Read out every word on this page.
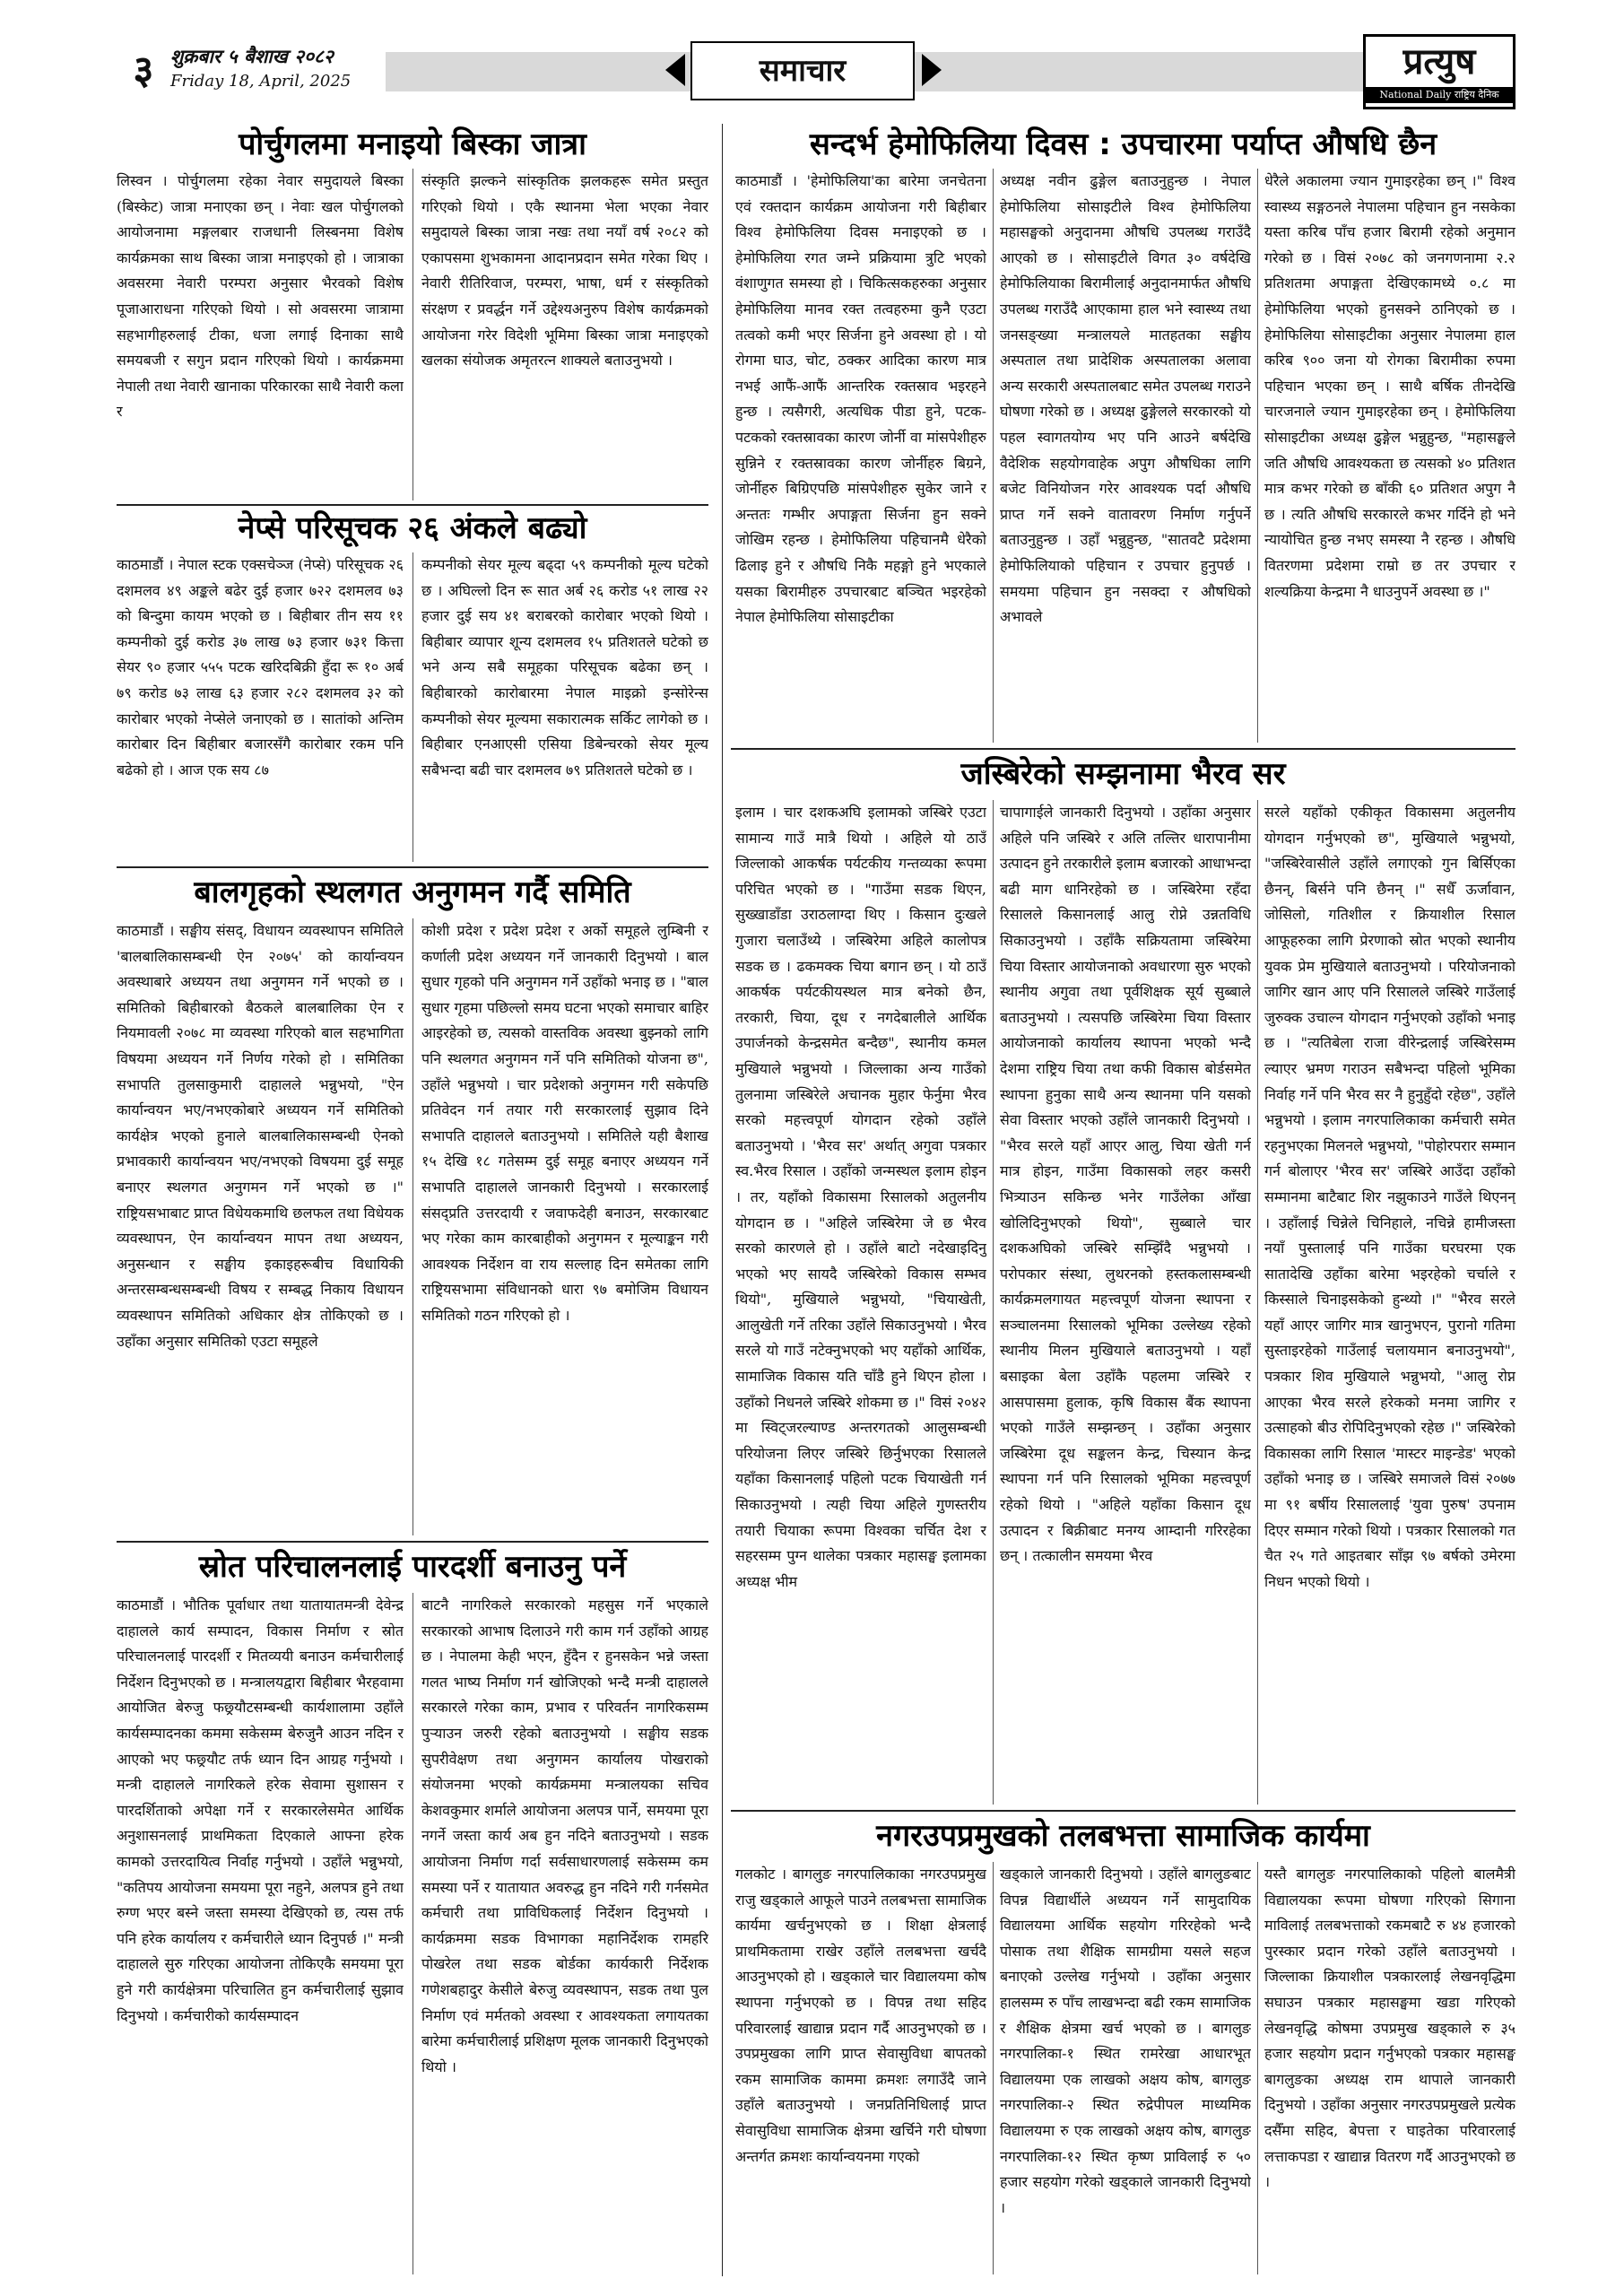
३ शुक्रबार ५ बैशाख २०८२
Friday 18, April, 2025	समाचार	प्रत्युष
National Daily राष्ट्रिय दैनिक
पोर्चुगलमा मनाइयो बिस्का जात्रा
लिस्वन । पोर्चुगलमा रहेका नेवार समुदायले बिस्का (बिस्केट) जात्रा मनाएका छन् । नेवाः खल पोर्चुगलको आयोजनामा मङ्गलबार राजधानी लिस्बनमा विशेष कार्यक्रमका साथ बिस्का जात्रा मनाइएको हो । जात्राका अवसरमा नेवारी परम्परा अनुसार भैरवको विशेष पूजाआराधना गरिएको थियो । सो अवसरमा जात्रामा सहभागीहरुलाई टीका, धजा लगाई दिनाका साथै समयबजी र सगुन प्रदान गरिएको थियो । कार्यक्रममा नेपाली तथा नेवारी खानाका परिकारका साथै नेवारी कला र
संस्कृति झल्कने सांस्कृतिक झलकहरू समेत प्रस्तुत गरिएको थियो । एकै स्थानमा भेला भएका नेवार समुदायले बिस्का जात्रा नखः तथा नयाँ वर्ष २०८२ को एकापसमा शुभकामना आदानप्रदान समेत गरेका थिए । नेवारी रीतिरिवाज, परम्परा, भाषा, धर्म र संस्कृतिको संरक्षण र प्रवर्द्धन गर्ने उद्देश्यअनुरुप विशेष कार्यक्रमको आयोजना गरेर विदेशी भूमिमा बिस्का जात्रा मनाइएको खलका संयोजक अमृतरत्न शाक्यले बताउनुभयो ।
नेप्से परिसूचक २६ अंकले बढ्यो
काठमाडौं । नेपाल स्टक एक्सचेञ्ज (नेप्से) परिसूचक २६ दशमलव ४९ अङ्कले बढेर दुई हजार ७२२ दशमलव ७३ को बिन्दुमा कायम भएको छ । बिहीबार तीन सय ११ कम्पनीको दुई करोड ३७ लाख ७३ हजार ७३१ कित्ता सेयर ९० हजार ५५५ पटक खरिदबिक्री हुँदा रू १० अर्ब ७९ करोड ७३ लाख ६३ हजार २८२ दशमलव ३२ को कारोबार भएको नेप्सेले जनाएको छ । सातांको अन्तिम कारोबार दिन बिहीबार बजारसँगै कारोबार रकम पनि बढेको हो । आज एक सय ८७
कम्पनीको सेयर मूल्य बढ्दा ५९ कम्पनीको मूल्य घटेको छ । अघिल्लो दिन रू सात अर्ब २६ करोड ५१ लाख २२ हजार दुई सय ४१ बराबरको कारोबार भएको थियो । बिहीबार व्यापार शून्य दशमलव १५ प्रतिशतले घटेको छ भने अन्य सबै समूहका परिसूचक बढेका छन् । बिहीबारको कारोबारमा नेपाल माइक्रो इन्सोरेन्स कम्पनीको सेयर मूल्यमा सकारात्मक सर्किट लागेको छ । बिहीबार एनआएसी एसिया डिबेन्चरको सेयर मूल्य सबैभन्दा बढी चार दशमलव ७९ प्रतिशतले घटेको छ ।
बालगृहको स्थलगत अनुगमन गर्दै समिति
काठमाडौं । सङ्घीय संसद्, विधायन व्यवस्थापन समितिले 'बालबालिकासम्बन्धी ऐन २०७५' को कार्यान्वयन अवस्थाबारे अध्ययन तथा अनुगमन गर्ने भएको छ । समितिको बिहीबारको बैठकले बालबालिका ऐन र नियमावली २०७८ मा व्यवस्था गरिएको बाल सहभागिता विषयमा अध्ययन गर्ने निर्णय गरेको हो । समितिका सभापति तुलसाकुमारी दाहालले भन्नुभयो, "ऐन कार्यान्वयन भए/नभएकोबारे अध्ययन गर्ने समितिको कार्यक्षेत्र भएको हुनाले बालबालिकासम्बन्धी ऐनको प्रभावकारी कार्यान्वयन भए/नभएको विषयमा दुई समूह बनाएर स्थलगत अनुगमन गर्ने भएको छ ।" राष्ट्रियसभाबाट प्राप्त विधेयकमाथि छलफल तथा विधेयक व्यवस्थापन, ऐन कार्यान्वयन मापन तथा अध्ययन, अनुसन्धान र सङ्घीय इकाइहरूबीच विधायिकी अन्तरसम्बन्धसम्बन्धी विषय र सम्बद्ध निकाय विधायन व्यवस्थापन समितिको अधिकार क्षेत्र तोकिएको छ । उहाँका अनुसार समितिको एउटा समूहले
कोशी प्रदेश र प्रदेश प्रदेश र अर्को समूहले लुम्बिनी र कर्णाली प्रदेश अध्ययन गर्ने जानकारी दिनुभयो । बाल सुधार गृहको पनि अनुगमन गर्ने उहाँको भनाइ छ । "बाल सुधार गृहमा पछिल्लो समय घटना भएको समाचार बाहिर आइरहेको छ, त्यसको वास्तविक अवस्था बुझ्नको लागि पनि स्थलगत अनुगमन गर्ने पनि समितिको योजना छ", उहाँले भन्नुभयो । चार प्रदेशको अनुगमन गरी सकेपछि प्रतिवेदन गर्न तयार गरी सरकारलाई सुझाव दिने सभापति दाहालले बताउनुभयो । समितिले यही बैशाख १५ देखि १८ गतेसम्म दुई समूह बनाएर अध्ययन गर्ने सभापति दाहालले जानकारी दिनुभयो । सरकारलाई संसद्प्रति उत्तरदायी र जवाफदेही बनाउन, सरकारबाट भए गरेका काम कारबाहीको अनुगमन र मूल्याङ्कन गरी आवश्यक निर्देशन वा राय सल्लाह दिन समेतका लागि राष्ट्रियसभामा संविधानको धारा ९७ बमोजिम विधायन समितिको गठन गरिएको हो ।
स्रोत परिचालनलाई पारदर्शी बनाउनु पर्ने
काठमाडौं । भौतिक पूर्वाधार तथा यातायातमन्त्री देवेन्द्र दाहालले कार्य सम्पादन, विकास निर्माण र स्रोत परिचालनलाई पारदर्शी र मितव्ययी बनाउन कर्मचारीलाई निर्देशन दिनुभएको छ । मन्त्रालयद्वारा बिहीबार भैरहवामा आयोजित बेरुजु फछ्र्यौटसम्बन्धी कार्यशालामा उहाँले कार्यसम्पादनका कममा सकेसम्म बेरुजुनै आउन नदिन र आएको भए फछ्र्यौट तर्फ ध्यान दिन आग्रह गर्नुभयो । मन्त्री दाहालले नागरिकले हरेक सेवामा सुशासन र पारदर्शिताको अपेक्षा गर्ने र सरकारलेसमेत आर्थिक अनुशासनलाई प्राथमिकता दिएकाले आफ्ना हरेक कामको उत्तरदायित्व निर्वाह गर्नुभयो । उहाँले भन्नुभयो, "कतिपय आयोजना समयमा पूरा नहुने, अलपत्र हुने तथा रुग्ण भएर बस्ने जस्ता समस्या देखिएको छ, त्यस तर्फ पनि हरेक कार्यालय र कर्मचारीले ध्यान दिनुपर्छ ।" मन्त्री दाहालले सुरु गरिएका आयोजना तोकिएकै समयमा पूरा हुने गरी कार्यक्षेत्रमा परिचालित हुन कर्मचारीलाई सुझाव दिनुभयो । कर्मचारीको कार्यसम्पादन
बाटनै नागरिकले सरकारको महसुस गर्ने भएकाले सरकारको आभाष दिलाउने गरी काम गर्न उहाँको आग्रह छ । नेपालमा केही भएन, हुँदैन र हुनसकेन भन्ने जस्ता गलत भाष्य निर्माण गर्न खोजिएको भन्दै मन्त्री दाहालले सरकारले गरेका काम, प्रभाव र परिवर्तन नागरिकसम्म पुऱ्याउन जरुरी रहेको बताउनुभयो । सङ्घीय सडक सुपरीवेक्षण तथा अनुगमन कार्यालय पोखराको संयोजनमा भएको कार्यक्रममा मन्त्रालयका सचिव केशवकुमार शर्माले आयोजना अलपत्र पार्ने, समयमा पूरा नगर्ने जस्ता कार्य अब हुन नदिने बताउनुभयो । सडक आयोजना निर्माण गर्दा सर्वसाधारणलाई सकेसम्म कम समस्या पर्ने र यातायात अवरुद्ध हुन नदिने गरी गर्नसमेत कर्मचारी तथा प्राविधिकलाई निर्देशन दिनुभयो । कार्यक्रममा सडक विभागका महानिर्देशक रामहरि पोखरेल तथा सडक बोर्डका कार्यकारी निर्देशक गणेशबहादुर केसीले बेरुजु व्यवस्थापन, सडक तथा पुल निर्माण एवं मर्मतको अवस्था र आवश्यकता लगायतका बारेमा कर्मचारीलाई प्रशिक्षण मूलक जानकारी दिनुभएको थियो ।
सन्दर्भ हेमोफिलिया दिवस : उपचारमा पर्याप्त औषधि छैन
काठमाडौं । 'हेमोफिलिया'का बारेमा जनचेतना एवं रक्तदान कार्यक्रम आयोजना गरी बिहीबार विश्व हेमोफिलिया दिवस मनाइएको छ । हेमोफिलिया रगत जम्ने प्रक्रियामा त्रुटि भएको वंशाणुगत समस्या हो । चिकित्सकहरुका अनुसार हेमोफिलिया मानव रक्त तत्वहरुमा कुनै एउटा तत्वको कमी भएर सिर्जना हुने अवस्था हो । यो रोगमा घाउ, चोट, ठक्कर आदिका कारण मात्र नभई आफैं-आफैं आन्तरिक रक्तस्राव भइरहने हुन्छ । त्यसैगरी, अत्यधिक पीडा हुने, पटक-पटकको रक्तस्रावका कारण जोर्नी वा मांसपेशीहरु सुन्निने र रक्तस्रावका कारण जोर्नीहरु बिग्रने, जोर्नीहरु बिग्रिएपछि मांसपेशीहरु सुकेर जाने र अन्ततः गम्भीर अपाङ्गता सिर्जना हुन सक्ने जोखिम रहन्छ । हेमोफिलिया पहिचानमै धेरैको ढिलाइ हुने र औषधि निकै महङ्गो हुने भएकाले यसका बिरामीहरु उपचारबाट बञ्चित भइरहेको नेपाल हेमोफिलिया सोसाइटीका
अध्यक्ष नवीन ढुङ्गेल बताउनुहुन्छ । नेपाल हेमोफिलिया सोसाइटीले विश्व हेमोफिलिया महासङ्घको अनुदानमा औषधि उपलब्ध गराउँदै आएको छ । सोसाइटीले विगत ३० वर्षदेखि हेमोफिलियाका बिरामीलाई अनुदानमार्फत औषधि उपलब्ध गराउँदै आएकामा हाल भने स्वास्थ्य तथा जनसङ्ख्या मन्त्रालयले मातहतका सङ्घीय अस्पताल तथा प्रादेशिक अस्पतालका अलावा अन्य सरकारी अस्पतालबाट समेत उपलब्ध गराउने घोषणा गरेको छ । अध्यक्ष ढुङ्गेलले सरकारको यो पहल स्वागतयोग्य भए पनि आउने बर्षदेखि वैदेशिक सहयोगवाहेक अपुग औषधिका लागि बजेट विनियोजन गरेर आवश्यक पर्दा औषधि प्राप्त गर्ने सक्ने वातावरण निर्माण गर्नुपर्ने बताउनुहुन्छ । उहाँ भन्नुहुन्छ, "सातवटै प्रदेशमा हेमोफिलियाको पहिचान र उपचार हुनुपर्छ । समयमा पहिचान हुन नसक्दा र औषधिको अभावले
धेरैले अकालमा ज्यान गुमाइरहेका छन् ।" विश्व स्वास्थ्य सङ्गठनले नेपालमा पहिचान हुन नसकेका यस्ता करिब पाँच हजार बिरामी रहेको अनुमान गरेको छ । विसं २०७८ को जनगणनामा २.२ प्रतिशतमा अपाङ्गता देखिएकामध्ये ०.८ मा हेमोफिलिया भएको हुनसक्ने ठानिएको छ । हेमोफिलिया सोसाइटीका अनुसार नेपालमा हाल करिब ९०० जना यो रोगका बिरामीका रुपमा पहिचान भएका छन् । साथै बर्षिक तीनदेखि चारजनाले ज्यान गुमाइरहेका छन् । हेमोफिलिया सोसाइटीका अध्यक्ष ढुङ्गेल भन्नुहुन्छ, "महासङ्घले जति औषधि आवश्यकता छ त्यसको ४० प्रतिशत मात्र कभर गरेको छ बाँकी ६० प्रतिशत अपुग नै छ । त्यति औषधि सरकारले कभर गर्दिने हो भने न्यायोचित हुन्छ नभए समस्या नै रहन्छ । औषधि वितरणमा प्रदेशमा राम्रो छ तर उपचार र शल्यक्रिया केन्द्रमा नै धाउनुपर्ने अवस्था छ ।"
जस्बिरेको सम्झनामा भैरव सर
इलाम । चार दशकअघि इलामको जस्बिरे एउटा सामान्य गाउँ मात्रै थियो । अहिले यो ठाउँ जिल्लाको आकर्षक पर्यटकीय गन्तव्यका रूपमा परिचित भएको छ । "गाउँमा सडक थिएन, सुख्खाडाँडा उराठलाग्दा थिए । किसान दुःखले गुजारा चलाउँथ्ये । जस्बिरेमा अहिले कालोपत्र सडक छ । ढकमक्क चिया बगान छन् । यो ठाउँ आकर्षक पर्यटकीयस्थल मात्र बनेको छैन, तरकारी, चिया, दूध र नगदेबालीले आर्थिक उपार्जनको केन्द्रसमेत बन्दैछ", स्थानीय कमल मुखियाले भन्नुभयो । जिल्लाका अन्य गाउँको तुलनामा जस्बिरेले अचानक मुहार फेर्नुमा भैरव सरको महत्त्वपूर्ण योगदान रहेको उहाँले बताउनुभयो । 'भैरव सर' अर्थात् अगुवा पत्रकार स्व.भैरव रिसाल । उहाँको जन्मस्थल इलाम होइन । तर, यहाँको विकासमा रिसालको अतुलनीय योगदान छ । "अहिले जस्बिरेमा जे छ भैरव सरको कारणले हो । उहाँले बाटो नदेखाइदिनु भएको भए सायदै जस्बिरेको विकास सम्भव थियो", मुखियाले भन्नुभयो, "चियाखेती, आलुखेती गर्ने तरिका उहाँले सिकाउनुभयो । भैरव सरले यो गाउँ नटेक्नुभएको भए यहाँको आर्थिक, सामाजिक विकास यति चाँडै हुने थिएन होला । उहाँको निधनले जस्बिरे शोकमा छ ।" विसं २०४२ मा स्विट्जरल्याण्ड अन्तरगतको आलुसम्बन्धी परियोजना लिएर जस्बिरे छिर्नुभएका रिसालले यहाँका किसानलाई पहिलो पटक चियाखेती गर्न सिकाउनुभयो । त्यही चिया अहिले गुणस्तरीय तयारी चियाका रूपमा विश्वका चर्चित देश र सहरसम्म पुग्न थालेका पत्रकार महासङ्घ इलामका अध्यक्ष भीम
चापागाईले जानकारी दिनुभयो । उहाँका अनुसार अहिले पनि जस्बिरे र अलि तल्तिर धारापानीमा उत्पादन हुने तरकारीले इलाम बजारको आधाभन्दा बढी माग धानिरहेको छ । जस्बिरेमा रहँदा रिसालले किसानलाई आलु रोप्ने उन्नतविधि सिकाउनुभयो । उहाँकै सक्रियतामा जस्बिरेमा चिया विस्तार आयोजनाको अवधारणा सुरु भएको स्थानीय अगुवा तथा पूर्वशिक्षक सूर्य सुब्बाले बताउनुभयो । त्यसपछि जस्बिरेमा चिया विस्तार आयोजनाको कार्यालय स्थापना भएको भन्दै देशमा राष्ट्रिय चिया तथा कफी विकास बोर्डसमेत स्थापना हुनुका साथै अन्य स्थानमा पनि यसको सेवा विस्तार भएको उहाँले जानकारी दिनुभयो । "भैरव सरले यहाँ आएर आलु, चिया खेती गर्न मात्र होइन, गाउँमा विकासको लहर कसरी भित्र्याउन सकिन्छ भनेर गाउँलेका आँखा खोलिदिनुभएको थियो", सुब्बाले चार दशकअघिको जस्बिरे सम्झिँदै भन्नुभयो । परोपकार संस्था, लुथरनको हस्तकलासम्बन्धी कार्यक्रमलगायत महत्त्वपूर्ण योजना स्थापना र सञ्चालनमा रिसालको भूमिका उल्लेख्य रहेको स्थानीय मिलन मुखियाले बताउनुभयो । यहाँ बसाइका बेला उहाँकै पहलमा जस्बिरे र आसपासमा हुलाक, कृषि विकास बैंक स्थापना भएको गाउँले सम्झन्छन् । उहाँका अनुसार जस्बिरेमा दूध सङ्कलन केन्द्र, चिस्यान केन्द्र स्थापना गर्न पनि रिसालको भूमिका महत्त्वपूर्ण रहेको थियो । "अहिले यहाँका किसान दूध उत्पादन र बिक्रीबाट मनग्य आम्दानी गरिरहेका छन् । तत्कालीन समयमा भैरव
सरले यहाँको एकीकृत विकासमा अतुलनीय योगदान गर्नुभएको छ", मुखियाले भन्नुभयो, "जस्बिरेवासीले उहाँले लगाएको गुन बिर्सिएका छैनन्, बिर्सने पनि छैनन् ।" सधैँ ऊर्जावान, जोसिलो, गतिशील र क्रियाशील रिसाल आफूहरुका लागि प्रेरणाको स्रोत भएको स्थानीय युवक प्रेम मुखियाले बताउनुभयो । परियोजनाको जागिर खान आए पनि रिसालले जस्बिरे गाउँलाई जुरुक्क उचाल्न योगदान गर्नुभएको उहाँको भनाइ छ । "त्यतिबेला राजा वीरेन्द्रलाई जस्बिरेसम्म ल्याएर भ्रमण गराउन सबैभन्दा पहिलो भूमिका निर्वाह गर्ने पनि भैरव सर नै हुनुहुँदो रहेछ", उहाँले भन्नुभयो । इलाम नगरपालिकाका कर्मचारी समेत रहनुभएका मिलनले भन्नुभयो, "पोहोरपरार सम्मान गर्न बोलाएर 'भैरव सर' जस्बिरे आउँदा उहाँको सम्मानमा बाटैबाट शिर नझुकाउने गाउँले थिएनन् । उहाँलाई चिन्नेले चिनिहाले, नचिन्ने हामीजस्ता नयाँ पुस्तालाई पनि गाउँका घरघरमा एक सातादेखि उहाँका बारेमा भइरहेको चर्चाले र किस्साले चिनाइसकेको हुन्थ्यो ।" "भैरव सरले यहाँ आएर जागिर मात्र खानुभएन, पुरानो गतिमा सुस्ताइरहेको गाउँलाई चलायमान बनाउनुभयो", पत्रकार शिव मुखियाले भन्नुभयो, "आलु रोप्न आएका भैरव सरले हरेकको मनमा जागिर र उत्साहको बीउ रोपिदिनुभएको रहेछ ।" जस्बिरेको विकासका लागि रिसाल 'मास्टर माइन्डेड' भएको उहाँको भनाइ छ । जस्बिरे समाजले विसं २०७७ मा ९१ बर्षीय रिसाललाई 'युवा पुरुष' उपनाम दिएर सम्मान गरेको थियो । पत्रकार रिसालको गत चैत २५ गते आइतबार साँझ ९७ बर्षको उमेरमा निधन भएको थियो ।
नगरउपप्रमुखको तलबभत्ता सामाजिक कार्यमा
गलकोट । बागलुङ नगरपालिकाका नगरउपप्रमुख राजु खड्काले आफूले पाउने तलबभत्ता सामाजिक कार्यमा खर्चनुभएको छ । शिक्षा क्षेत्रलाई प्राथमिकतामा राखेर उहाँले तलबभत्ता खर्चदै आउनुभएको हो । खड्काले चार विद्यालयमा कोष स्थापना गर्नुभएको छ । विपन्न तथा सहिद परिवारलाई खाद्यान्न प्रदान गर्दै आउनुभएको छ । उपप्रमुखका लागि प्राप्त सेवासुविधा बापतको रकम सामाजिक काममा क्रमशः लगाउँदै जाने उहाँले बताउनुभयो । जनप्रतिनिधिलाई प्राप्त सेवासुविधा सामाजिक क्षेत्रमा खर्चिने गरी घोषणा अन्तर्गत क्रमशः कार्यान्वयनमा गएको
खड्काले जानकारी दिनुभयो । उहाँले बागलुङबाट विपन्न विद्यार्थीले अध्ययन गर्ने सामुदायिक विद्यालयमा आर्थिक सहयोग गरिरहेको भन्दै पोसाक तथा शैक्षिक सामग्रीमा यसले सहज बनाएको उल्लेख गर्नुभयो । उहाँका अनुसार हालसम्म रु पाँच लाखभन्दा बढी रकम सामाजिक र शैक्षिक क्षेत्रमा खर्च भएको छ । बागलुङ नगरपालिका-१ स्थित रामरेखा आधारभूत विद्यालयमा एक लाखको अक्षय कोष, बागलुङ नगरपालिका-२ स्थित रुद्रेपीपल माध्यमिक विद्यालयमा रु एक लाखको अक्षय कोष, बागलुङ नगरपालिका-१२ स्थित कृष्ण प्राविलाई रु ५० हजार सहयोग गरेको खड्काले जानकारी दिनुभयो ।
यस्तै बागलुङ नगरपालिकाको पहिलो बालमैत्री विद्यालयका रूपमा घोषणा गरिएको सिगाना माविलाई तलबभत्ताको रकमबाटै रु ४४ हजारको पुरस्कार प्रदान गरेको उहाँले बताउनुभयो । जिल्लाका क्रियाशील पत्रकारलाई लेखनवृद्धिमा सघाउन पत्रकार महासङ्घमा खडा गरिएको लेखनवृद्धि कोषमा उपप्रमुख खड्काले रु ३५ हजार सहयोग प्रदान गर्नुभएको पत्रकार महासङ्घ बागलुङका अध्यक्ष राम थापाले जानकारी दिनुभयो । उहाँका अनुसार नगरउपप्रमुखले प्रत्येक दसैँमा सहिद, बेपत्ता र घाइतेका परिवारलाई लत्ताकपडा र खाद्यान्न वितरण गर्दै आउनुभएको छ ।
